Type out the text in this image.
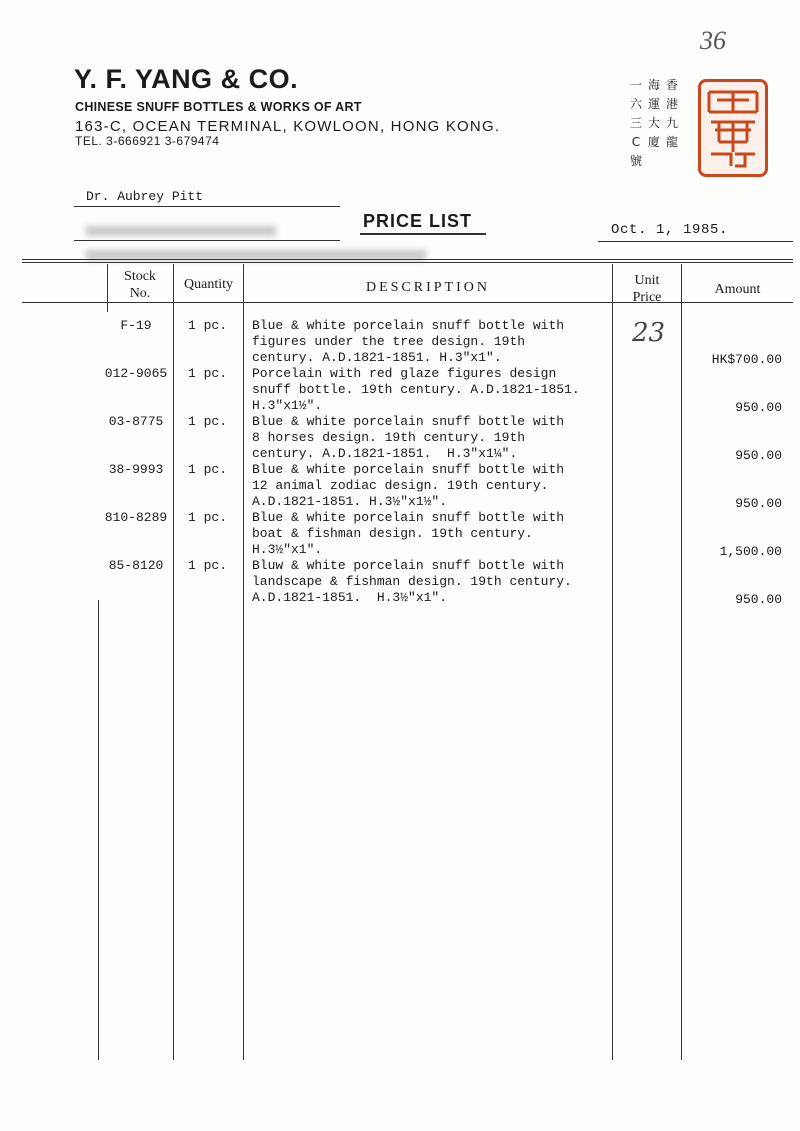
36
Y. F. YANG & CO.
CHINESE SNUFF BOTTLES & WORKS OF ART
163-C, OCEAN TERMINAL, KOWLOON, HONG KONG.
TEL. 3-666921 3-679474
香港
海運大廈
九龍
一六三C號
Dr. Aubrey Pitt
PRICE LIST	Oct. 1, 1985.
Stock
No.
Quantity	DESCRIPTION	Unit
Price
Amount
F-19	1 pc. Blue & white porcelain snuff bottle with
figures under the tree design. 19th
century. A.D.1821-1851. H.3"x1".	HK$700.00
012-9065	1 pc. Porcelain with red glaze figures design
snuff bottle. 19th century. A.D.1821-1851.
H.3"x1½".	950.00
03-8775	1 pc. Blue & white porcelain snuff bottle with
8 horses design. 19th century. 19th
century. A.D.1821-1851.  H.3"x1¼".	950.00
38-9993	1 pc. Blue & white porcelain snuff bottle with
12 animal zodiac design. 19th century.
A.D.1821-1851. H.3½"x1½".	950.00
810-8289	1 pc. Blue & white porcelain snuff bottle with
boat & fishman design. 19th century.
H.3½"x1".	1,500.00
85-8120	1 pc. Bluw & white porcelain snuff bottle with
landscape & fishman design. 19th century.
A.D.1821-1851.  H.3½"x1".	950.00
23
